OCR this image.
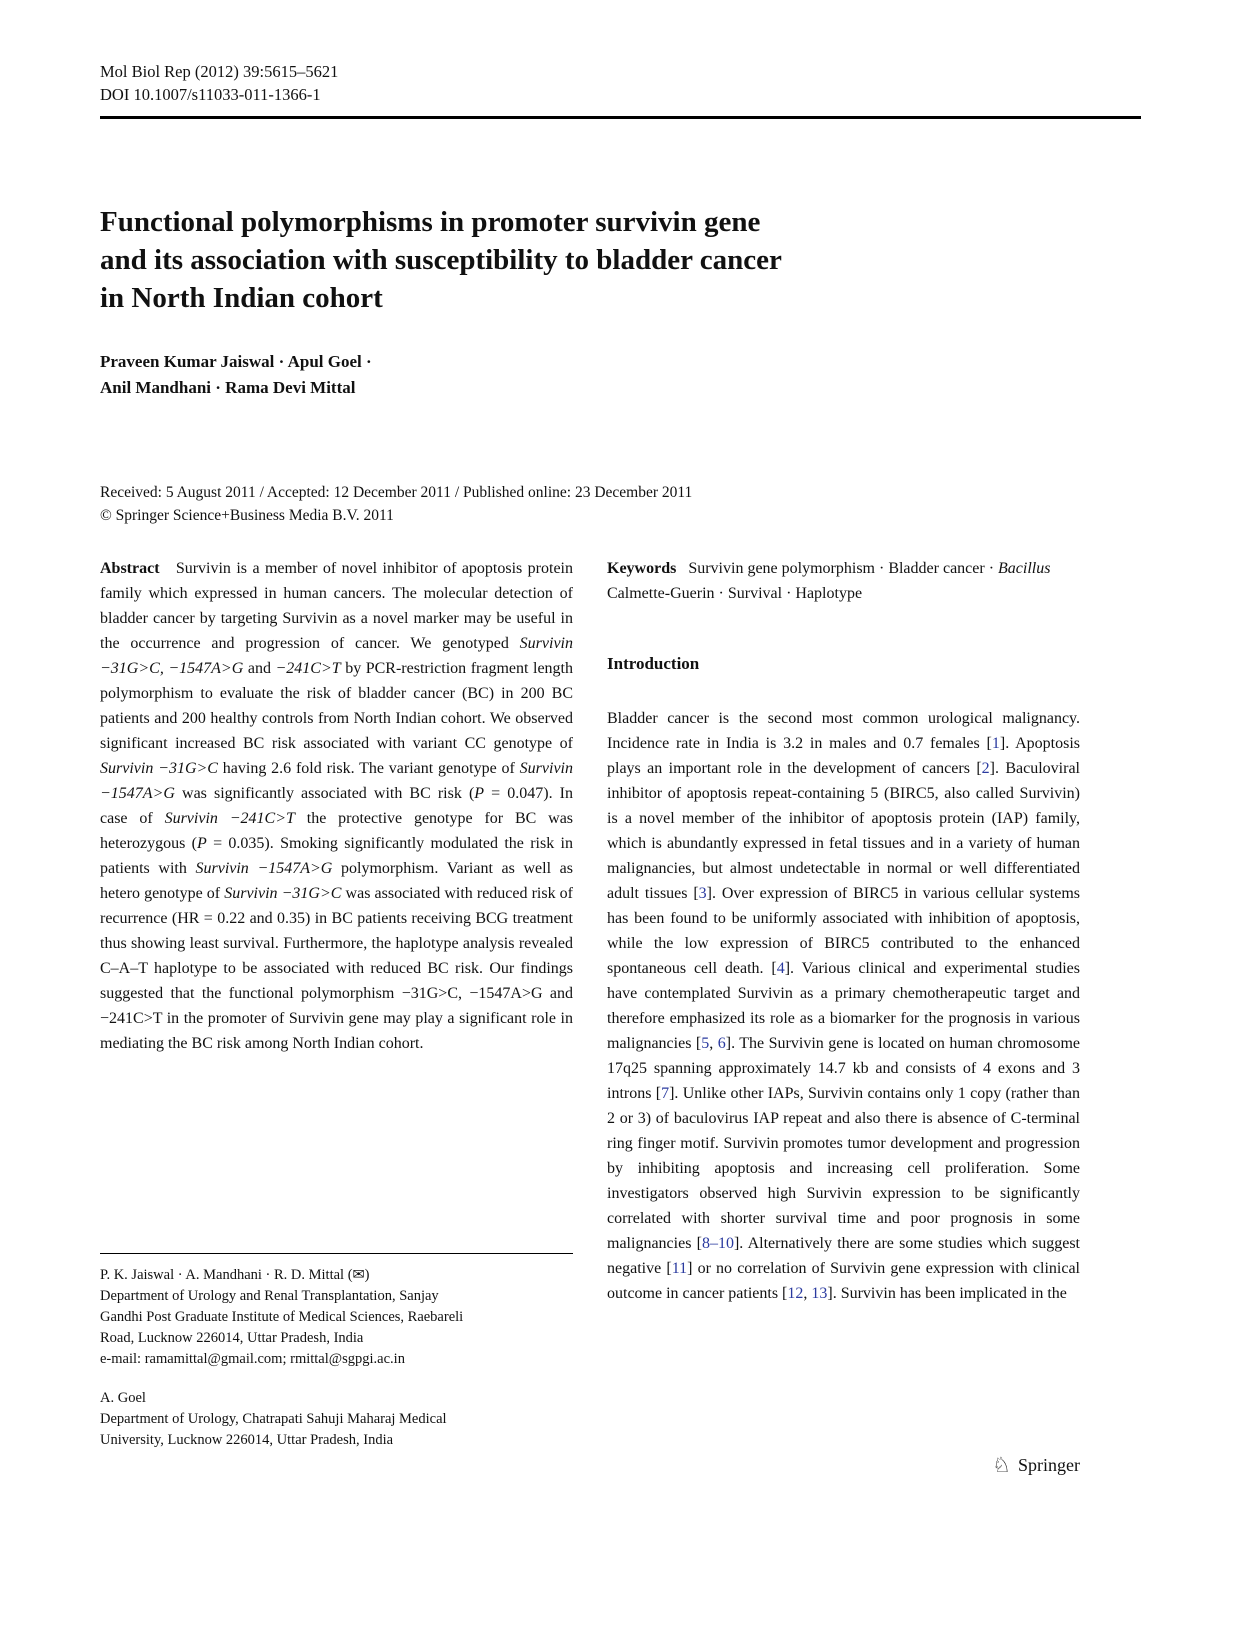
Mol Biol Rep (2012) 39:5615–5621
DOI 10.1007/s11033-011-1366-1
Functional polymorphisms in promoter survivin gene
and its association with susceptibility to bladder cancer
in North Indian cohort
Praveen Kumar Jaiswal · Apul Goel ·
Anil Mandhani · Rama Devi Mittal
Received: 5 August 2011 / Accepted: 12 December 2011 / Published online: 23 December 2011
© Springer Science+Business Media B.V. 2011

Abstract   Survivin is a member of novel inhibitor of apoptosis protein family which expressed in human cancers. The molecular detection of bladder cancer by targeting Survivin as a novel marker may be useful in the occurrence and progression of cancer. We genotyped Survivin −31G>C, −1547A>G and −241C>T by PCR-restriction fragment length polymorphism to evaluate the risk of bladder cancer (BC) in 200 BC patients and 200 healthy controls from North Indian cohort. We observed significant increased BC risk associated with variant CC genotype of Survivin −31G>C having 2.6 fold risk. The variant genotype of Survivin −1547A>G was significantly associated with BC risk (P = 0.047). In case of Survivin −241C>T the protective genotype for BC was heterozygous (P = 0.035). Smoking significantly modulated the risk in patients with Survivin −1547A>G polymorphism. Variant as well as hetero genotype of Survivin −31G>C was associated with reduced risk of recurrence (HR = 0.22 and 0.35) in BC patients receiving BCG treatment thus showing least survival. Furthermore, the haplotype analysis revealed C–A–T haplotype to be associated with reduced BC risk. Our findings suggested that the functional polymorphism −31G>C, −1547A>G and −241C>T in the promoter of Survivin gene may play a significant role in mediating the BC risk among North Indian cohort.

P. K. Jaiswal · A. Mandhani · R. D. Mittal (✉)
Department of Urology and Renal Transplantation, Sanjay
Gandhi Post Graduate Institute of Medical Sciences, Raebareli
Road, Lucknow 226014, Uttar Pradesh, India
e-mail: ramamittal@gmail.com; rmittal@sgpgi.ac.in
A. Goel
Department of Urology, Chatrapati Sahuji Maharaj Medical
University, Lucknow 226014, Uttar Pradesh, India

Keywords   Survivin gene polymorphism · Bladder cancer · Bacillus Calmette-Guerin · Survival · Haplotype

Introduction

Bladder cancer is the second most common urological malignancy. Incidence rate in India is 3.2 in males and 0.7 females [1]. Apoptosis plays an important role in the development of cancers [2]. Baculoviral inhibitor of apoptosis repeat-containing 5 (BIRC5, also called Survivin) is a novel member of the inhibitor of apoptosis protein (IAP) family, which is abundantly expressed in fetal tissues and in a variety of human malignancies, but almost undetectable in normal or well differentiated adult tissues [3]. Over expression of BIRC5 in various cellular systems has been found to be uniformly associated with inhibition of apoptosis, while the low expression of BIRC5 contributed to the enhanced spontaneous cell death. [4]. Various clinical and experimental studies have contemplated Survivin as a primary chemotherapeutic target and therefore emphasized its role as a biomarker for the prognosis in various malignancies [5, 6]. The Survivin gene is located on human chromosome 17q25 spanning approximately 14.7 kb and consists of 4 exons and 3 introns [7]. Unlike other IAPs, Survivin contains only 1 copy (rather than 2 or 3) of baculovirus IAP repeat and also there is absence of C-terminal ring finger motif. Survivin promotes tumor development and progression by inhibiting apoptosis and increasing cell proliferation. Some investigators observed high Survivin expression to be significantly correlated with shorter survival time and poor prognosis in some malignancies [8–10]. Alternatively there are some studies which suggest negative [11] or no correlation of Survivin gene expression with clinical outcome in cancer patients [12, 13]. Survivin has been implicated in the

♘ Springer
